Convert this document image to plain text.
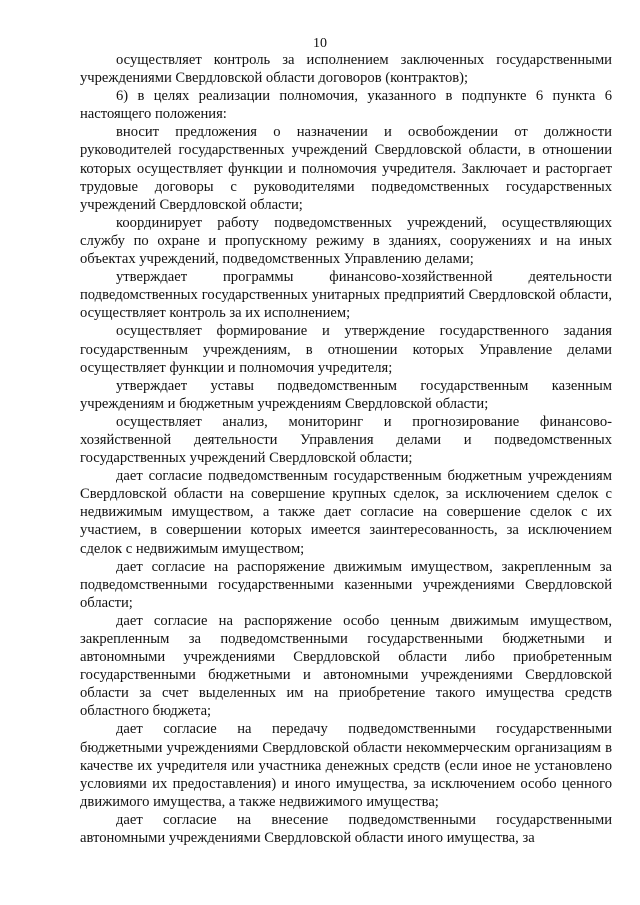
10

осуществляет контроль за исполнением заключенных государственными учреждениями Свердловской области договоров (контрактов);

6) в целях реализации полномочия, указанного в подпункте 6 пункта 6 настоящего положения:

вносит предложения о назначении и освобождении от должности руководителей государственных учреждений Свердловской области, в отношении которых осуществляет функции и полномочия учредителя. Заключает и расторгает трудовые договоры с руководителями подведомственных государственных учреждений Свердловской области;

координирует работу подведомственных учреждений, осуществляющих службу по охране и пропускному режиму в зданиях, сооружениях и на иных объектах учреждений, подведомственных Управлению делами;

утверждает программы финансово-хозяйственной деятельности подведомственных государственных унитарных предприятий Свердловской области, осуществляет контроль за их исполнением;

осуществляет формирование и утверждение государственного задания государственным учреждениям, в отношении которых Управление делами осуществляет функции и полномочия учредителя;

утверждает уставы подведомственным государственным казенным учреждениям и бюджетным учреждениям Свердловской области;

осуществляет анализ, мониторинг и прогнозирование финансово-хозяйственной деятельности Управления делами и подведомственных государственных учреждений Свердловской области;

дает согласие подведомственным государственным бюджетным учреждениям Свердловской области на совершение крупных сделок, за исключением сделок с недвижимым имуществом, а также дает согласие на совершение сделок с их участием, в совершении которых имеется заинтересованность, за исключением сделок с недвижимым имуществом;

дает согласие на распоряжение движимым имуществом, закрепленным за подведомственными государственными казенными учреждениями Свердловской области;

дает согласие на распоряжение особо ценным движимым имуществом, закрепленным за подведомственными государственными бюджетными и автономными учреждениями Свердловской области либо приобретенным государственными бюджетными и автономными учреждениями Свердловской области за счет выделенных им на приобретение такого имущества средств областного бюджета;

дает согласие на передачу подведомственными государственными бюджетными учреждениями Свердловской области некоммерческим организациям в качестве их учредителя или участника денежных средств (если иное не установлено условиями их предоставления) и иного имущества, за исключением особо ценного движимого имущества, а также недвижимого имущества;

дает согласие на внесение подведомственными государственными автономными учреждениями Свердловской области иного имущества, за
